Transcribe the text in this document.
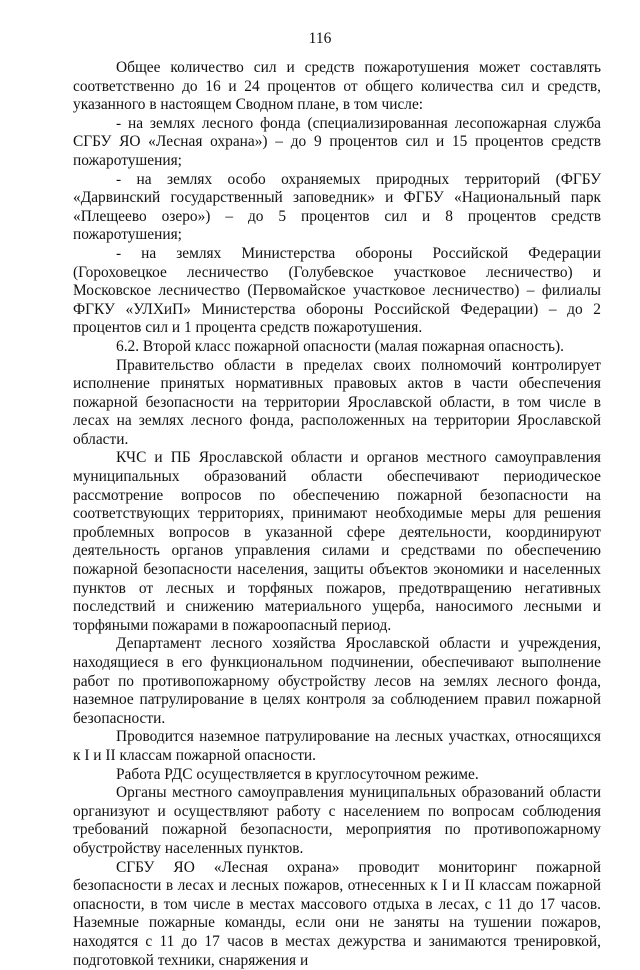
116

Общее количество сил и средств пожаротушения может составлять соответственно до 16 и 24 процентов от общего количества сил и средств, указанного в настоящем Сводном плане, в том числе:

- на землях лесного фонда (специализированная лесопожарная служба СГБУ ЯО «Лесная охрана») – до 9 процентов сил и 15 процентов средств пожаротушения;

- на землях особо охраняемых природных территорий (ФГБУ «Дарвинский государственный заповедник» и ФГБУ «Национальный парк «Плещеево озеро») – до 5 процентов сил и 8 процентов средств пожаротушения;

- на землях Министерства обороны Российской Федерации (Гороховецкое лесничество (Голубевское участковое лесничество) и Московское лесничество (Первомайское участковое лесничество) – филиалы ФГКУ «УЛХиП» Министерства обороны Российской Федерации) – до 2 процентов сил и 1 процента средств пожаротушения.

6.2. Второй класс пожарной опасности (малая пожарная опасность).

Правительство области в пределах своих полномочий контролирует исполнение принятых нормативных правовых актов в части обеспечения пожарной безопасности на территории Ярославской области, в том числе в лесах на землях лесного фонда, расположенных на территории Ярославской области.

КЧС и ПБ Ярославской области и органов местного самоуправления муниципальных образований области обеспечивают периодическое рассмотрение вопросов по обеспечению пожарной безопасности на соответствующих территориях, принимают необходимые меры для решения проблемных вопросов в указанной сфере деятельности, координируют деятельность органов управления силами и средствами по обеспечению пожарной безопасности населения, защиты объектов экономики и населенных пунктов от лесных и торфяных пожаров, предотвращению негативных последствий и снижению материального ущерба, наносимого лесными и торфяными пожарами в пожароопасный период.

Департамент лесного хозяйства Ярославской области и учреждения, находящиеся в его функциональном подчинении, обеспечивают выполнение работ по противопожарному обустройству лесов на землях лесного фонда, наземное патрулирование в целях контроля за соблюдением правил пожарной безопасности.

Проводится наземное патрулирование на лесных участках, относящихся к I и II классам пожарной опасности.

Работа РДС осуществляется в круглосуточном режиме.

Органы местного самоуправления муниципальных образований области организуют и осуществляют работу с населением по вопросам соблюдения требований пожарной безопасности, мероприятия по противопожарному обустройству населенных пунктов.

СГБУ ЯО «Лесная охрана» проводит мониторинг пожарной безопасности в лесах и лесных пожаров, отнесенных к I и II классам пожарной опасности, в том числе в местах массового отдыха в лесах, с 11 до 17 часов. Наземные пожарные команды, если они не заняты на тушении пожаров, находятся с 11 до 17 часов в местах дежурства и занимаются тренировкой, подготовкой техники, снаряжения и
